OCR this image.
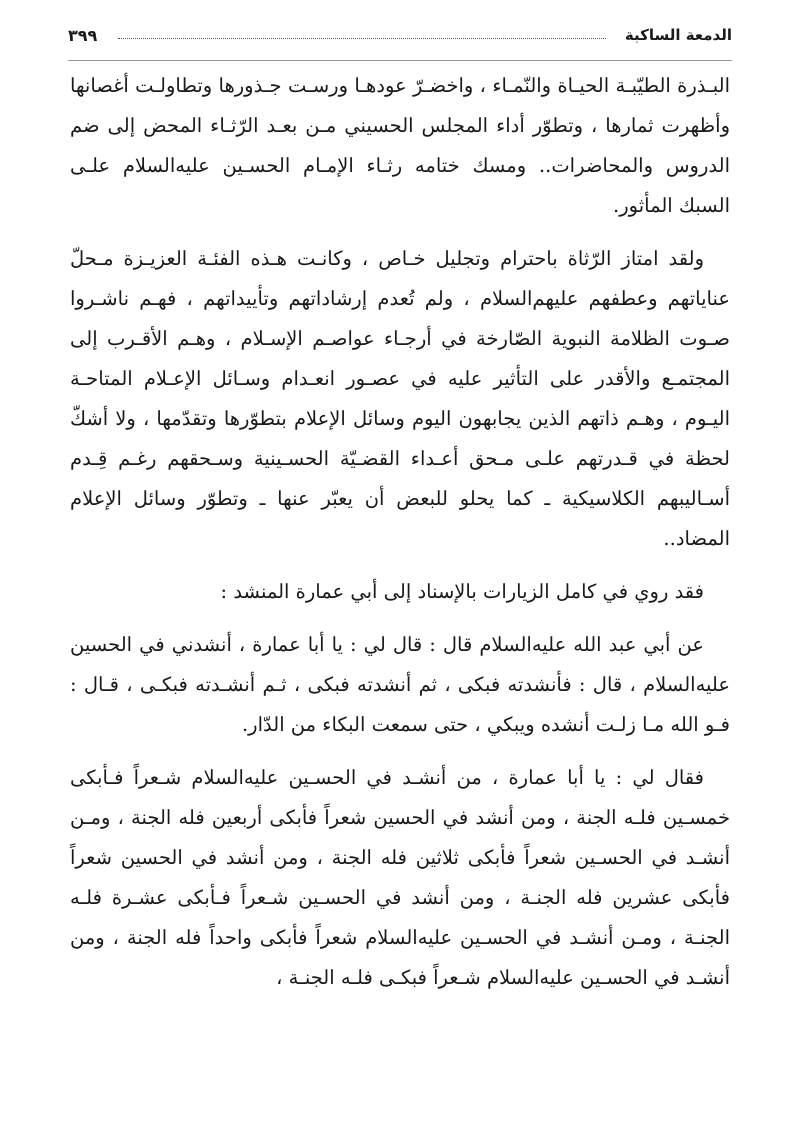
الدمعة الساكبة
٣٩٩

البـذرة الطيّبـة الحيـاة والنّمـاء ، واخضـرّ عودهـا ورسـت جـذورها وتطاولـت أغصانها وأظهرت ثمارها ، وتطوّر أداء المجلس الحسيني مـن بعـد الرّثـاء المحض إلى ضم الدروس والمحاضرات.. ومسك ختامه رثـاء الإمـام الحسـين عليه‌السلام علـى السبك المأثور.

ولقد امتاز الرّثاة باحترام وتجليل خـاص ، وكانـت هـذه الفئـة العزيـزة مـحلّ عناياتهم وعطفهم عليهم‌السلام ، ولم تُعدم إرشاداتهم وتأييداتهم ، فهـم ناشـروا صـوت الظلامة النبوية الصّارخة في أرجـاء عواصـم الإسـلام ، وهـم الأقـرب إلى المجتمـع والأقدر على التأثير عليه في عصـور انعـدام وسـائل الإعـلام المتاحـة اليـوم ، وهـم ذاتهم الذين يجابهون اليوم وسائل الإعلام بتطوّرها وتقدّمها ، ولا أشكّ لحظة في قـدرتهم علـى مـحق أعـداء القضـيّة الحسـينية وسـحقهم رغـم قِـدم أسـاليبهم الكلاسيكية ـ كما يحلو للبعض أن يعبّر عنها ـ وتطوّر وسائل الإعلام المضاد..

فقد روي في كامل الزيارات بالإسناد إلى أبي عمارة المنشد :

عن أبي عبد الله عليه‌السلام قال : قال لي : يا أبا عمارة ، أنشدني في الحسين عليه‌السلام ، قال : فأنشدته فبكى ، ثم أنشدته فبكى ، ثـم أنشـدته فبكـى ، قـال : فـو الله مـا زلـت أنشده ويبكي ، حتى سمعت البكاء من الدّار.

فقال لي : يا أبا عمارة ، من أنشـد في الحسـين عليه‌السلام شـعراً فـأبكى خمسـين فلـه الجنة ، ومن أنشد في الحسين شعراً فأبكى أربعين فله الجنة ، ومـن أنشـد في الحسـين شعراً فأبكى ثلاثين فله الجنة ، ومن أنشد في الحسين شعراً فأبكى عشرين فله الجنـة ، ومن أنشد في الحسـين شـعراً فـأبكى عشـرة فلـه الجنـة ، ومـن أنشـد في الحسـين عليه‌السلام شعراً فأبكى واحداً فله الجنة ، ومن أنشـد في الحسـين عليه‌السلام شـعراً فبكـى فلـه الجنـة ،
